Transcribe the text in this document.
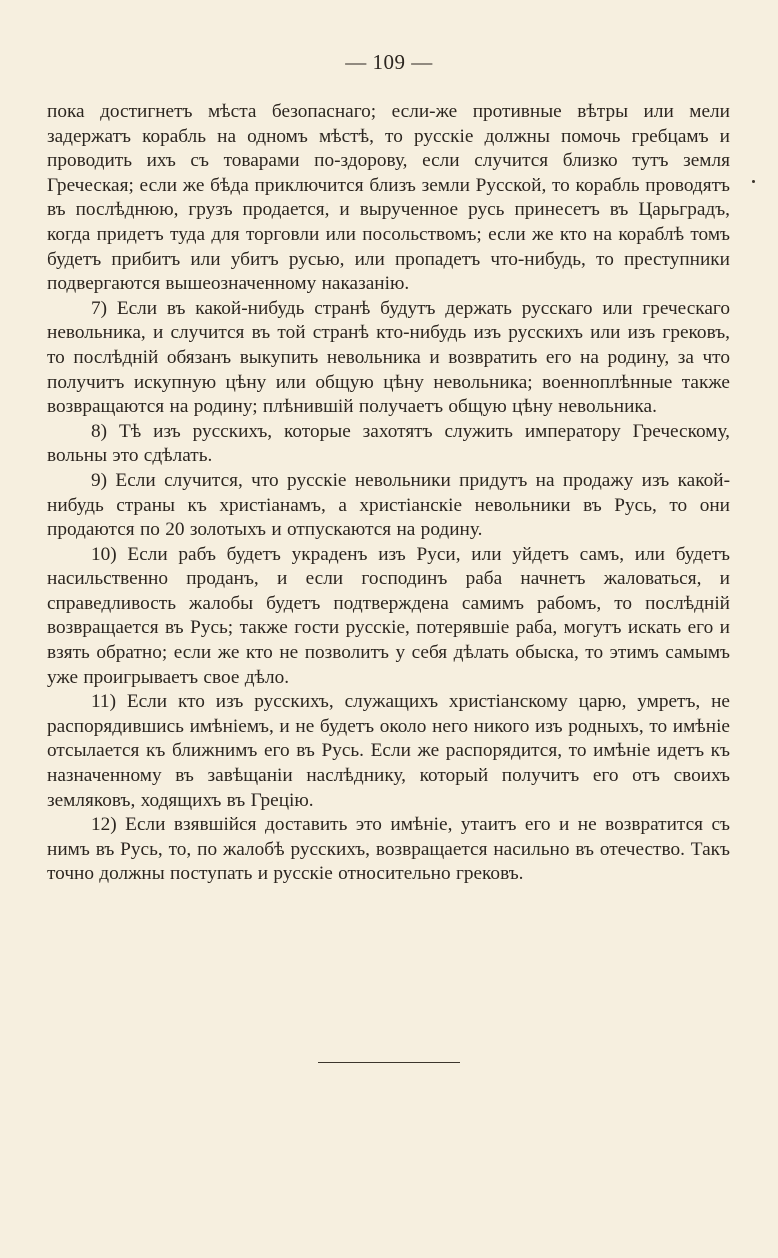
— 109 —

пока достигнетъ мѣста безопаснаго; если-же противные вѣтры или мели задержатъ корабль на одномъ мѣстѣ, то русскіе должны помочь гребцамъ и проводить ихъ съ товарами по-здорову, если случится близко тутъ земля Греческая; если же бѣда приключится близъ земли Русской, то корабль проводятъ въ послѣднюю, грузъ продается, и вырученное русь принесетъ въ Царьградъ, когда придетъ туда для торговли или посольствомъ; если же кто на кораблѣ томъ будетъ прибитъ или убитъ русью, или пропадетъ что-нибудь, то преступники подвергаются вышеозначенному наказанію.

7) Если въ какой-нибудь странѣ будутъ держать русскаго или греческаго невольника, и случится въ той странѣ кто-нибудь изъ русскихъ или изъ грековъ, то послѣдній обязанъ выкупить невольника и возвратить его на родину, за что получитъ искупную цѣну или общую цѣну невольника; военноплѣнные также возвращаются на родину; плѣнившій получаетъ общую цѣну невольника.

8) Тѣ изъ русскихъ, которые захотятъ служить императору Греческому, вольны это сдѣлать.

9) Если случится, что русскіе невольники придутъ на продажу изъ какой-нибудь страны къ христіанамъ, а христіанскіе невольники въ Русь, то они продаются по 20 золотыхъ и отпускаются на родину.

10) Если рабъ будетъ украденъ изъ Руси, или уйдетъ самъ, или будетъ насильственно проданъ, и если господинъ раба начнетъ жаловаться, и справедливость жалобы будетъ подтверждена самимъ рабомъ, то послѣдній возвращается въ Русь; также гости русскіе, потерявшіе раба, могутъ искать его и взять обратно; если же кто не позволитъ у себя дѣлать обыска, то этимъ самымъ уже проигрываетъ свое дѣло.

11) Если кто изъ русскихъ, служащихъ христіанскому царю, умретъ, не распорядившись имѣніемъ, и не будетъ около него никого изъ родныхъ, то имѣніе отсылается къ ближнимъ его въ Русь. Если же распорядится, то имѣніе идетъ къ назначенному въ завѣщаніи наслѣднику, который получитъ его отъ своихъ земляковъ, ходящихъ въ Грецію.

12) Если взявшійся доставить это имѣніе, утаитъ его и не возвратится съ нимъ въ Русь, то, по жалобѣ русскихъ, возвращается насильно въ отечество. Такъ точно должны поступать и русскіе относительно грековъ.
